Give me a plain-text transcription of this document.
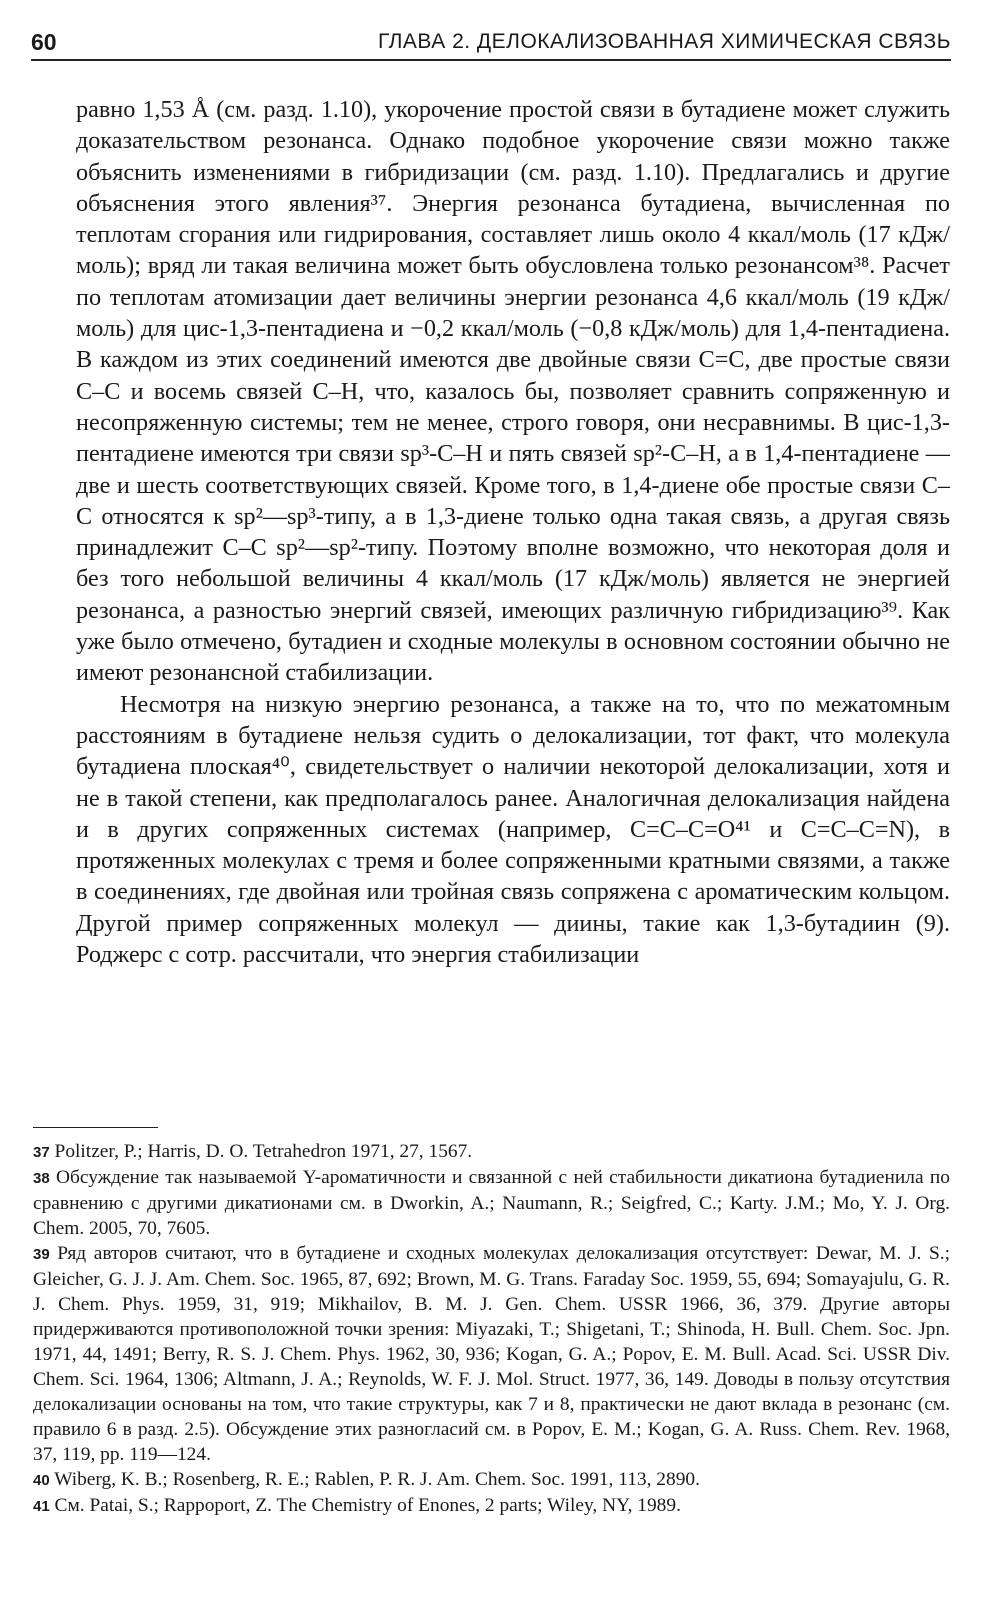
60	ГЛАВА 2. ДЕЛОКАЛИЗОВАННАЯ ХИМИЧЕСКАЯ СВЯЗЬ

равно 1,53 Å (см. разд. 1.10), укорочение простой связи в бутадиене может служить доказательством резонанса. Однако подобное укорочение связи можно также объяснить изменениями в гибридизации (см. разд. 1.10). Предлагались и другие объяснения этого явления³⁷. Энергия резонанса бутадиена, вычисленная по теплотам сгорания или гидрирования, составляет лишь около 4 ккал/моль (17 кДж/моль); вряд ли такая величина может быть обусловлена только резонансом³⁸. Расчет по теплотам атомизации дает величины энергии резонанса 4,6 ккал/моль (19 кДж/моль) для цис-1,3-пентадиена и −0,2 ккал/моль (−0,8 кДж/моль) для 1,4-пентадиена. В каждом из этих соединений имеются две двойные связи С=С, две простые связи С–С и восемь связей С–Н, что, казалось бы, позволяет сравнить сопряженную и несопряженную системы; тем не менее, строго говоря, они несравнимы. В цис-1,3-пентадиене имеются три связи sp³-C–H и пять связей sp²-C–H, а в 1,4-пентадиене — две и шесть соответствующих связей. Кроме того, в 1,4-диене обе простые связи С–С относятся к sp²—sp³-типу, а в 1,3-диене только одна такая связь, а другая связь принадлежит С–С sp²—sp²-типу. Поэтому вполне возможно, что некоторая доля и без того небольшой величины 4 ккал/моль (17 кДж/моль) является не энергией резонанса, а разностью энергий связей, имеющих различную гибридизацию³⁹. Как уже было отмечено, бутадиен и сходные молекулы в основном состоянии обычно не имеют резонансной стабилизации.

Несмотря на низкую энергию резонанса, а также на то, что по межатомным расстояниям в бутадиене нельзя судить о делокализации, тот факт, что молекула бутадиена плоская⁴⁰, свидетельствует о наличии некоторой делокализации, хотя и не в такой степени, как предполагалось ранее. Аналогичная делокализация найдена и в других сопряженных системах (например, С=С–С=О⁴¹ и С=С–С=N), в протяженных молекулах с тремя и более сопряженными кратными связями, а также в соединениях, где двойная или тройная связь сопряжена с ароматическим кольцом. Другой пример сопряженных молекул — диины, такие как 1,3-бутадиин (9). Роджерс с сотр. рассчитали, что энергия стабилизации

37 Politzer, P.; Harris, D. O. Tetrahedron 1971, 27, 1567.

38 Обсуждение так называемой Y-ароматичности и связанной с ней стабильности дикатиона бутадиенила по сравнению с другими дикатионами см. в Dworkin, A.; Naumann, R.; Seigfred, C.; Karty. J.M.; Mo, Y. J. Org. Chem. 2005, 70, 7605.

39 Ряд авторов считают, что в бутадиене и сходных молекулах делокализация отсутствует: Dewar, M. J. S.; Gleicher, G. J. J. Am. Chem. Soc. 1965, 87, 692; Brown, M. G. Trans. Faraday Soc. 1959, 55, 694; Somayajulu, G. R. J. Chem. Phys. 1959, 31, 919; Mikhailov, B. M. J. Gen. Chem. USSR 1966, 36, 379. Другие авторы придерживаются противоположной точки зрения: Miyazaki, T.; Shigetani, T.; Shinoda, H. Bull. Chem. Soc. Jpn. 1971, 44, 1491; Berry, R. S. J. Chem. Phys. 1962, 30, 936; Kogan, G. A.; Popov, E. M. Bull. Acad. Sci. USSR Div. Chem. Sci. 1964, 1306; Altmann, J. A.; Reynolds, W. F. J. Mol. Struct. 1977, 36, 149. Доводы в пользу отсутствия делокализации основаны на том, что такие структуры, как 7 и 8, практически не дают вклада в резонанс (см. правило 6 в разд. 2.5). Обсуждение этих разногласий см. в Popov, E. M.; Kogan, G. A. Russ. Chem. Rev. 1968, 37, 119, pp. 119—124.

40 Wiberg, K. B.; Rosenberg, R. E.; Rablen, P. R. J. Am. Chem. Soc. 1991, 113, 2890.

41 См. Patai, S.; Rappoport, Z. The Chemistry of Enones, 2 parts; Wiley, NY, 1989.
